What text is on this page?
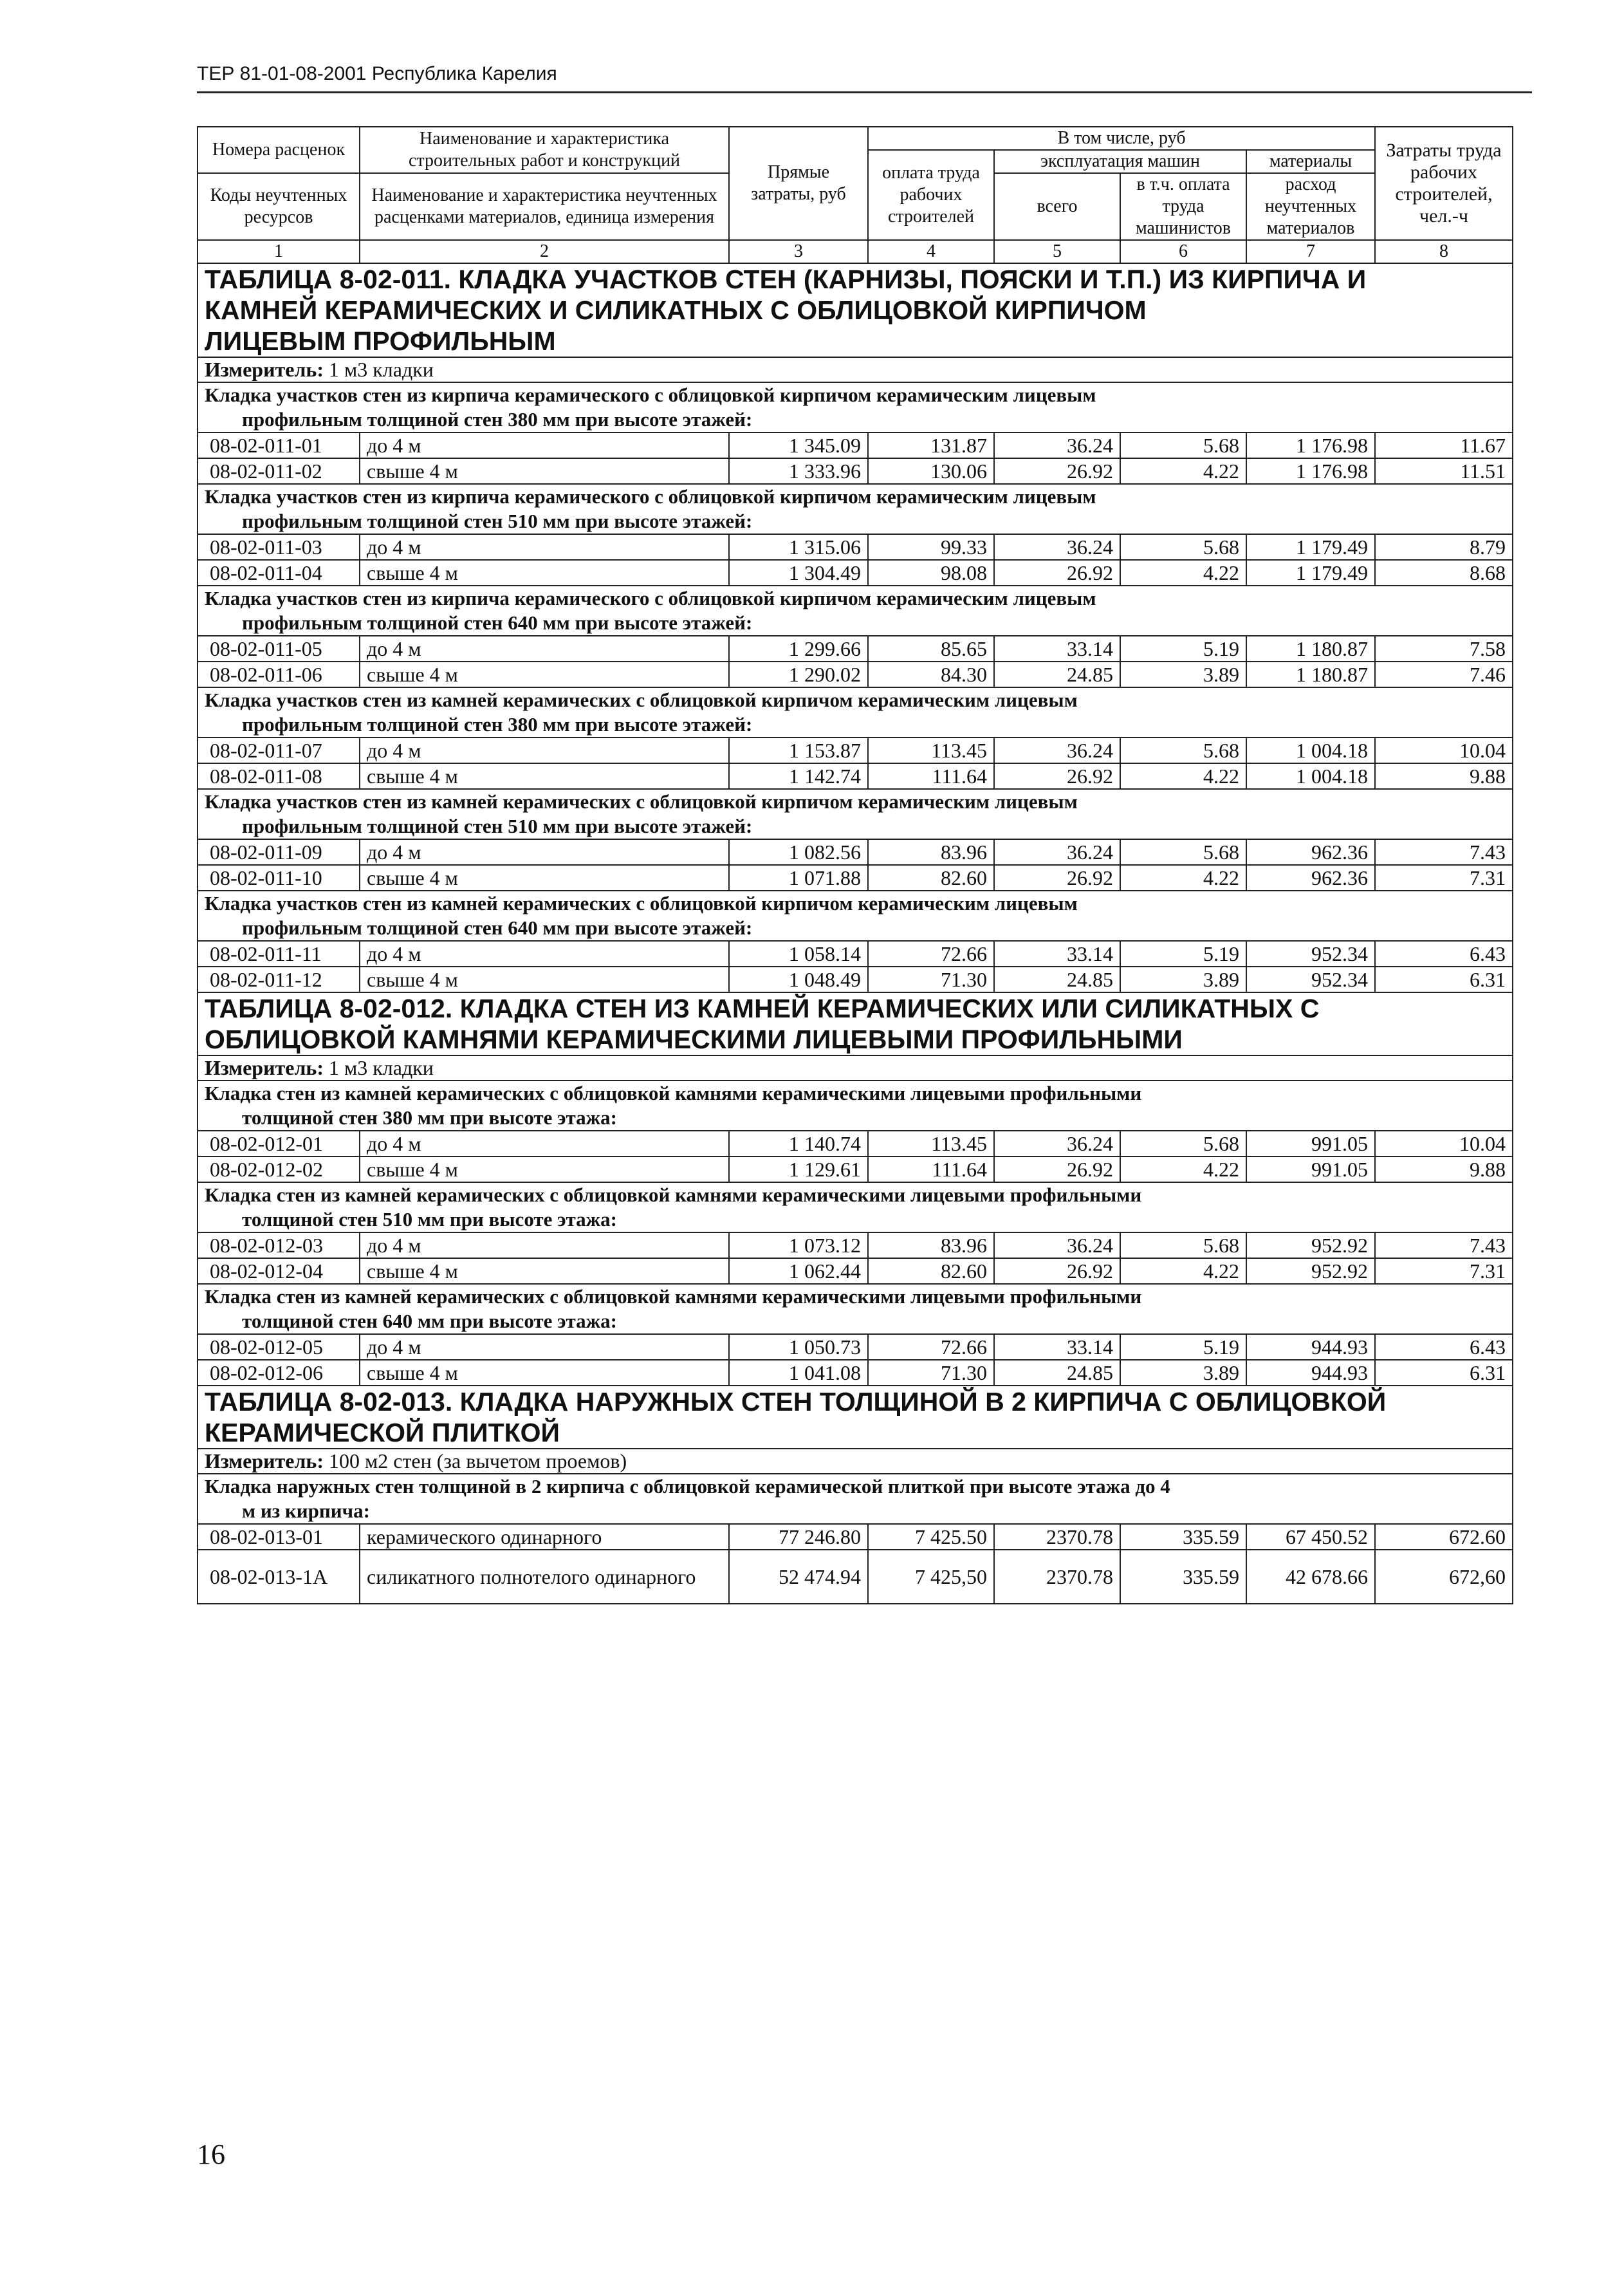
ТЕР 81-01-08-2001 Республика Карелия
Номера расценок	Наименование и характеристика строительных работ и конструкций	Прямые затраты, руб	В том числе, руб				Затраты труда рабочих строителей, чел.-ч
			оплата труда рабочих строителей	эксплуатация машин		материалы	
Коды неучтенных ресурсов	Наименование и характеристика неучтенных расценками материалов, единица измерения			всего	в т.ч. оплата труда машинистов	расход неучтенных материалов	

1	2	3	4	5	6	7	8

ТАБЛИЦА 8-02-011. КЛАДКА УЧАСТКОВ СТЕН (КАРНИЗЫ, ПОЯСКИ И Т.П.) ИЗ КИРПИЧА И
КАМНЕЙ КЕРАМИЧЕСКИХ И СИЛИКАТНЫХ С ОБЛИЦОВКОЙ КИРПИЧОМ
ЛИЦЕВЫМ ПРОФИЛЬНЫМ							

Измеритель: 1 м3 кладки							
Кладка участков стен из кирпича керамического с облицовкой кирпичом керамическим лицевым
профильным толщиной стен 380 мм при высоте этажей:							

08-02-011-01	до 4 м	1 345.09	131.87	36.24	5.68	1 176.98	11.67
08-02-011-02	свыше 4 м	1 333.96	130.06	26.92	4.22	1 176.98	11.51
Кладка участков стен из кирпича керамического с облицовкой кирпичом керамическим лицевым
профильным толщиной стен 510 мм при высоте этажей:							

08-02-011-03	до 4 м	1 315.06	99.33	36.24	5.68	1 179.49	8.79
08-02-011-04	свыше 4 м	1 304.49	98.08	26.92	4.22	1 179.49	8.68
Кладка участков стен из кирпича керамического с облицовкой кирпичом керамическим лицевым
профильным толщиной стен 640 мм при высоте этажей:							

08-02-011-05	до 4 м	1 299.66	85.65	33.14	5.19	1 180.87	7.58
08-02-011-06	свыше 4 м	1 290.02	84.30	24.85	3.89	1 180.87	7.46
Кладка участков стен из камней керамических с облицовкой кирпичом керамическим лицевым
профильным толщиной стен 380 мм при высоте этажей:							

08-02-011-07	до 4 м	1 153.87	113.45	36.24	5.68	1 004.18	10.04
08-02-011-08	свыше 4 м	1 142.74	111.64	26.92	4.22	1 004.18	9.88
Кладка участков стен из камней керамических с облицовкой кирпичом керамическим лицевым
профильным толщиной стен 510 мм при высоте этажей:							

08-02-011-09	до 4 м	1 082.56	83.96	36.24	5.68	962.36	7.43
08-02-011-10	свыше 4 м	1 071.88	82.60	26.92	4.22	962.36	7.31
Кладка участков стен из камней керамических с облицовкой кирпичом керамическим лицевым
профильным толщиной стен 640 мм при высоте этажей:							

08-02-011-11	до 4 м	1 058.14	72.66	33.14	5.19	952.34	6.43
08-02-011-12	свыше 4 м	1 048.49	71.30	24.85	3.89	952.34	6.31

ТАБЛИЦА 8-02-012. КЛАДКА СТЕН ИЗ КАМНЕЙ КЕРАМИЧЕСКИХ ИЛИ СИЛИКАТНЫХ С
ОБЛИЦОВКОЙ КАМНЯМИ КЕРАМИЧЕСКИМИ ЛИЦЕВЫМИ ПРОФИЛЬНЫМИ							

Измеритель: 1 м3 кладки							
Кладка стен из камней керамических с облицовкой камнями керамическими лицевыми профильными
толщиной стен 380 мм при высоте этажа:							

08-02-012-01	до 4 м	1 140.74	113.45	36.24	5.68	991.05	10.04
08-02-012-02	свыше 4 м	1 129.61	111.64	26.92	4.22	991.05	9.88
Кладка стен из камней керамических с облицовкой камнями керамическими лицевыми профильными
толщиной стен 510 мм при высоте этажа:							

08-02-012-03	до 4 м	1 073.12	83.96	36.24	5.68	952.92	7.43
08-02-012-04	свыше 4 м	1 062.44	82.60	26.92	4.22	952.92	7.31
Кладка стен из камней керамических с облицовкой камнями керамическими лицевыми профильными
толщиной стен 640 мм при высоте этажа:							

08-02-012-05	до 4 м	1 050.73	72.66	33.14	5.19	944.93	6.43
08-02-012-06	свыше 4 м	1 041.08	71.30	24.85	3.89	944.93	6.31

ТАБЛИЦА 8-02-013. КЛАДКА НАРУЖНЫХ СТЕН ТОЛЩИНОЙ В 2 КИРПИЧА С ОБЛИЦОВКОЙ
КЕРАМИЧЕСКОЙ ПЛИТКОЙ							

Измеритель: 100 м2 стен (за вычетом проемов)							
Кладка наружных стен толщиной в 2 кирпича с облицовкой керамической плиткой при высоте этажа до 4
м из кирпича:							

08-02-013-01	керамического одинарного	77 246.80	7 425.50	2370.78	335.59	67 450.52	672.60
08-02-013-1А	силикатного полнотелого одинарного	52 474.94	7 425,50	2370.78	335.59	42 678.66	672,60
16
